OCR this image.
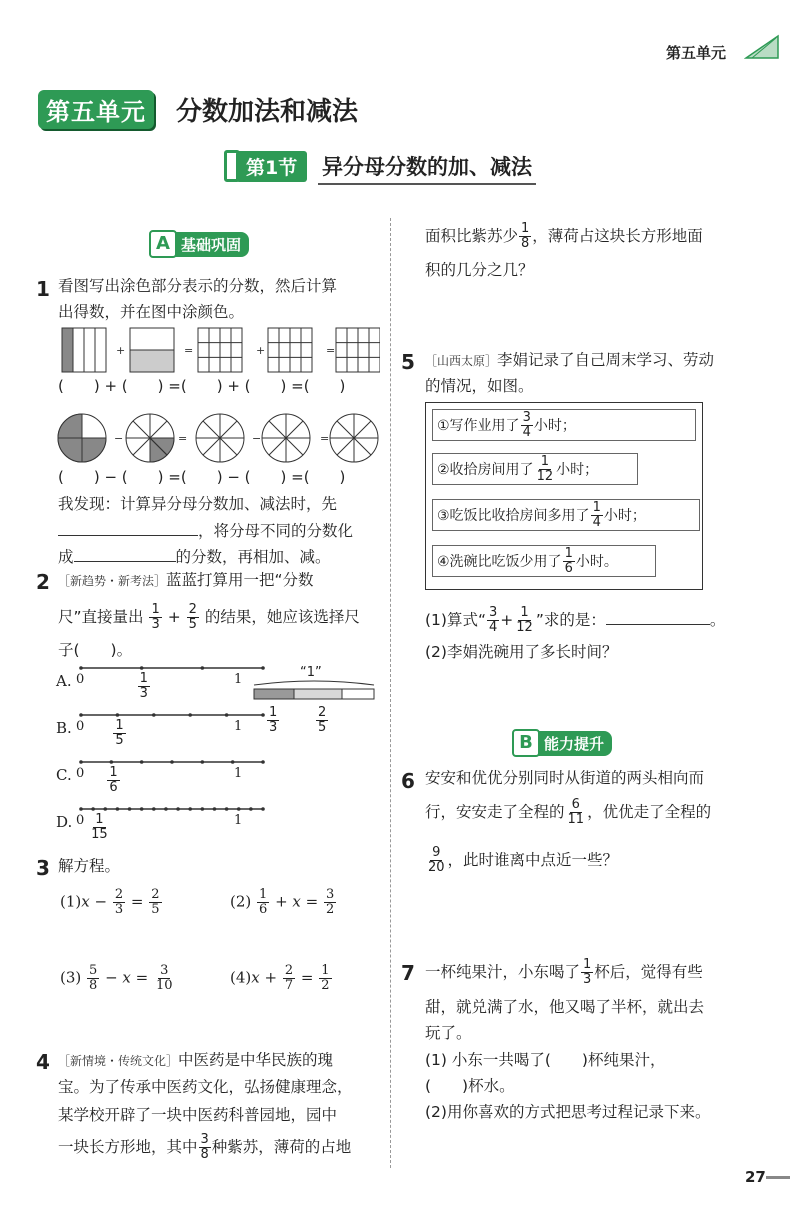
第五单元
第五单元	分数加法和减法
第1节	异分母分数的加、减法
A 基础巩固
1 看图写出涂色部分表示的分数，然后计算
出得数，并在图中涂颜色。
+	=	+	=
(　　) + (　　) =(　　) + (　　) =(　　)
−	=	−	=
(　　) − (　　) =(　　) − (　　) =(　　)
我发现：计算异分母分数加、减法时，先
，将分母不同的分数化
成	的分数，再相加、减。
2 ［新趋势・新考法］蓝蓝打算用一把“分数
尺”直接量出 $\frac{1}{3} + \frac{2}{5}$ 的结果，她应该选择尺
子(　　)。
A. 0	1
$\frac{1}{3}$
B. 0	1
$\frac{1}{5}$
C. 0	1
$\frac{1}{6}$
D. 0	1
$\frac{1}{15}$
“1”
$\frac{1}{3}$	$\frac{2}{5}$
3 解方程。
$(1)x - \frac{2}{3} = \frac{2}{5}$	$(2) \frac{1}{6} + x = \frac{3}{2}$
$(3) \frac{5}{8} - x = \frac{3}{10}$	$(4)x + \frac{2}{7} = \frac{1}{2}$
4 ［新情境・传统文化］中医药是中华民族的瑰
宝。为了传承中医药文化，弘扬健康理念，
某学校开辟了一块中医药科普园地，园中
一块长方形地，其中 $\frac{3}{8}$ 种紫苏，薄荷的占地
面积比紫苏少 $\frac{1}{8}$ ，薄荷占这块长方形地面
积的几分之几？
5 ［山西太原］李娟记录了自己周末学习、劳动
的情况，如图。
①写作业用了 $\frac{3}{4}$ 小时；
②收拾房间用了 $\frac{1}{12}$ 小时；
③吃饭比收拾房间多用了 $\frac{1}{4}$ 小时；
④洗碗比吃饭少用了 $\frac{1}{6}$ 小时。
(1)算式“ $\frac{3}{4} + \frac{1}{12}$ ”求的是：	。
(2)李娟洗碗用了多长时间？
B 能力提升
6 安安和优优分别同时从街道的两头相向而
行，安安走了全程的 $\frac{6}{11}$ ，优优走了全程的
$\frac{9}{20}$ ，此时谁离中点近一些？
7 一杯纯果汁，小东喝了 $\frac{1}{3}$ 杯后，觉得有些
甜，就兑满了水，他又喝了半杯，就出去
玩了。
(1) 小东一共喝了(　　)杯纯果汁，
(　　)杯水。
(2)用你喜欢的方式把思考过程记录下来。
27
